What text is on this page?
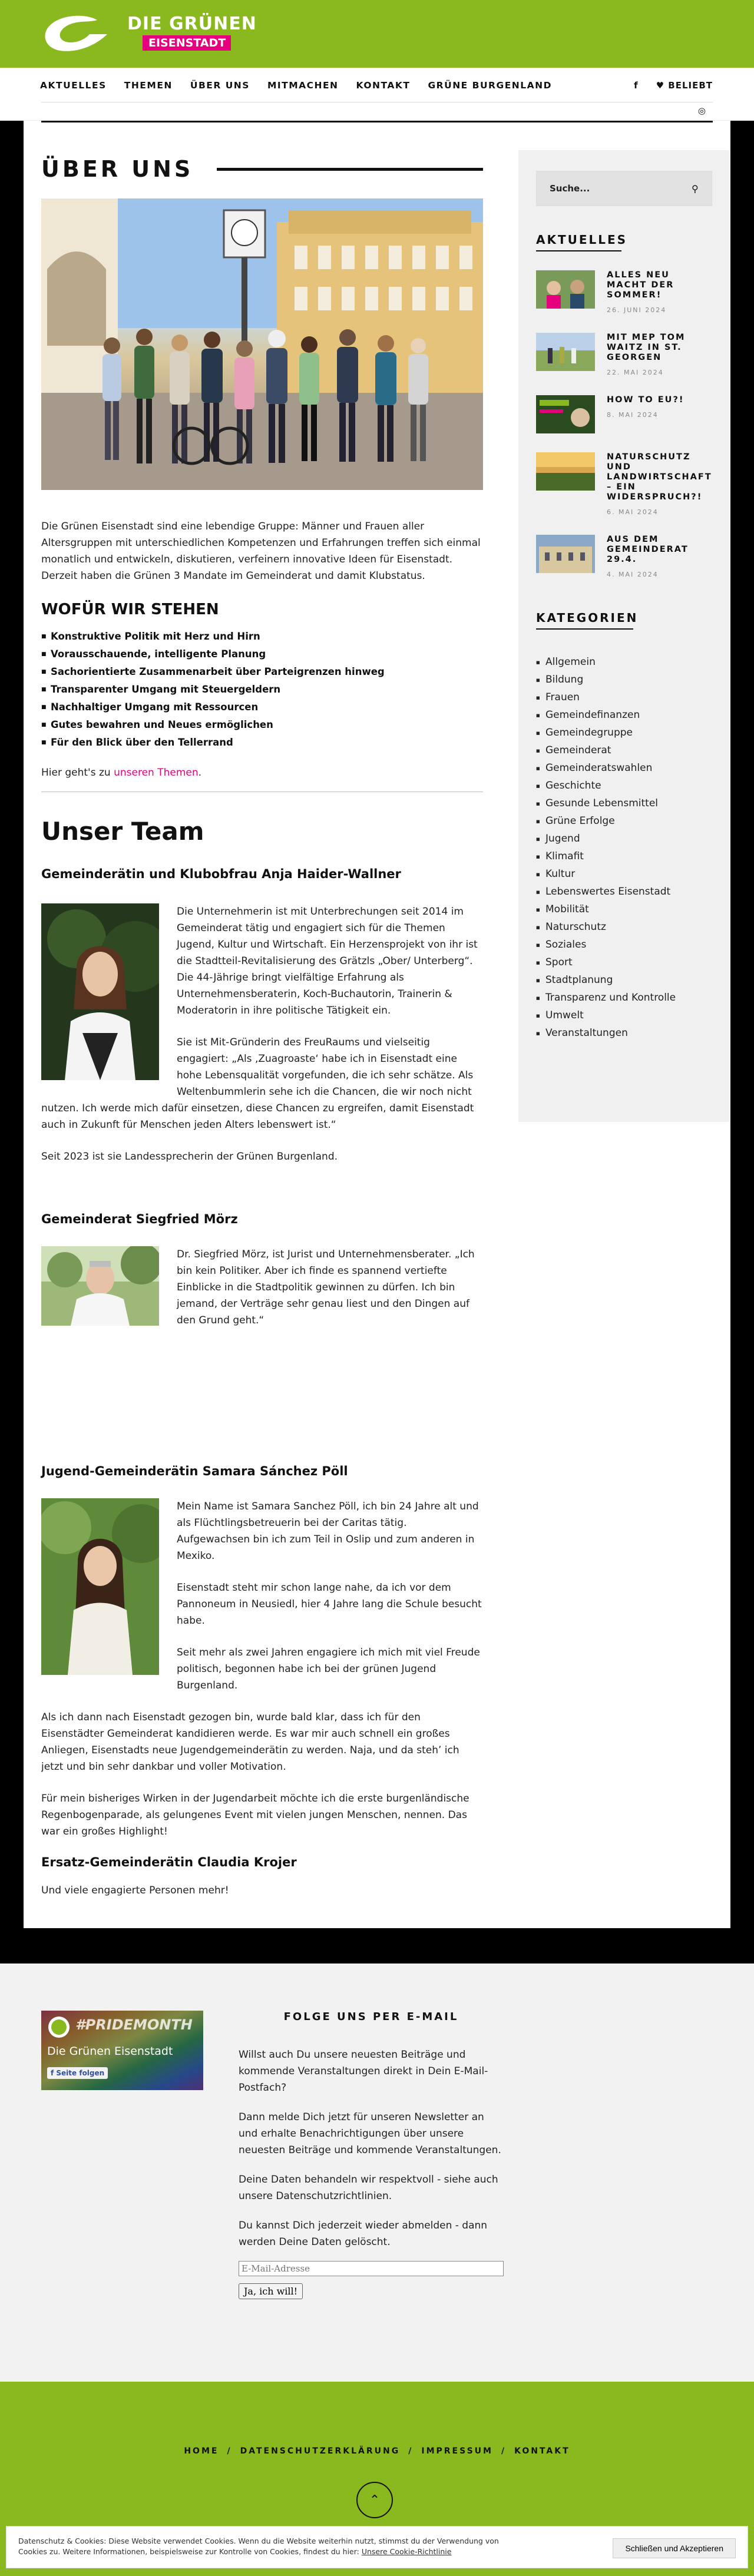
DIE GRÜNEN
EISENSTADT
AKTUELLES THEMEN ÜBER UNS MITMACHEN KONTAKT GRÜNE BURGENLAND	f ♥ BELIEBT
◎
ÜBER UNS

Die Grünen Eisenstadt sind eine lebendige Gruppe: Männer und Frauen aller Altersgruppen mit unterschiedlichen Kompetenzen und Erfahrungen treffen sich einmal monatlich und entwickeln, diskutieren, verfeinern innovative Ideen für Eisenstadt. Derzeit haben die Grünen 3 Mandate im Gemeinderat und damit Klubstatus.

WOFÜR WIR STEHEN
■ Konstruktive Politik mit Herz und Hirn
■ Vorausschauende, intelligente Planung
■ Sachorientierte Zusammenarbeit über Parteigrenzen hinweg
■ Transparenter Umgang mit Steuergeldern
■ Nachhaltiger Umgang mit Ressourcen
■ Gutes bewahren und Neues ermöglichen
■ Für den Blick über den Tellerrand

Hier geht's zu unseren Themen.

Unser Team
Gemeinderätin und Klubobfrau Anja Haider-Wallner

Die Unternehmerin ist mit Unterbrechungen seit 2014 im Gemeinderat tätig und engagiert sich für die Themen Jugend, Kultur und Wirtschaft. Ein Herzensprojekt von ihr ist die Stadtteil-Revitalisierung des Grätzls „Ober/ Unterberg“. Die 44-Jährige bringt vielfältige Erfahrung als Unternehmensberaterin, Koch-Buchautorin, Trainerin & Moderatorin in ihre politische Tätigkeit ein.

Sie ist Mit-Gründerin des FreuRaums und vielseitig engagiert: „Als ‚Zuagroaste‘ habe ich in Eisenstadt eine hohe Lebensqualität vorgefunden, die ich sehr schätze. Als Weltenbummlerin sehe ich die Chancen, die wir noch nicht nutzen. Ich werde mich dafür einsetzen, diese Chancen zu ergreifen, damit Eisenstadt auch in Zukunft für Menschen jeden Alters lebenswert ist.“

Seit 2023 ist sie Landessprecherin der Grünen Burgenland.

Gemeinderat Siegfried Mörz

Dr. Siegfried Mörz, ist Jurist und Unternehmensberater. „Ich bin kein Politiker. Aber ich finde es spannend vertiefte Einblicke in die Stadtpolitik gewinnen zu dürfen. Ich bin jemand, der Verträge sehr genau liest und den Dingen auf den Grund geht.“

Jugend-Gemeinderätin Samara Sánchez Pöll

Mein Name ist Samara Sanchez Pöll, ich bin 24 Jahre alt und als Flüchtlingsbetreuerin bei der Caritas tätig. Aufgewachsen bin ich zum Teil in Oslip und zum anderen in Mexiko.

Eisenstadt steht mir schon lange nahe, da ich vor dem Pannoneum in Neusiedl, hier 4 Jahre lang die Schule besucht habe.

Seit mehr als zwei Jahren engagiere ich mich mit viel Freude politisch, begonnen habe ich bei der grünen Jugend Burgenland.

Als ich dann nach Eisenstadt gezogen bin, wurde bald klar, dass ich für den Eisenstädter Gemeinderat kandidieren werde. Es war mir auch schnell ein großes Anliegen, Eisenstadts neue Jugendgemeinderätin zu werden. Naja, und da steh’ ich jetzt und bin sehr dankbar und voller Motivation.

Für mein bisheriges Wirken in der Jugendarbeit möchte ich die erste burgenländische Regenbogenparade, als gelungenes Event mit vielen jungen Menschen, nennen. Das war ein großes Highlight!

Ersatz-Gemeinderätin Claudia Krojer

Und viele engagierte Personen mehr!

Suche...	⚲
AKTUELLES
ALLES NEU MACHT DER SOMMER!
26. JUNI 2024
MIT MEP TOM WAITZ IN ST. GEORGEN
22. MAI 2024
HOW TO EU?!
8. MAI 2024
NATURSCHUTZ UND LANDWIRTSCHAFT – EIN WIDERSPRUCH?!
6. MAI 2024
AUS DEM GEMEINDERAT 29.4.
4. MAI 2024
KATEGORIEN
■ Allgemein
■ Bildung
■ Frauen
■ Gemeindefinanzen
■ Gemeindegruppe
■ Gemeinderat
■ Gemeinderatswahlen
■ Geschichte
■ Gesunde Lebensmittel
■ Grüne Erfolge
■ Jugend
■ Klimafit
■ Kultur
■ Lebenswertes Eisenstadt
■ Mobilität
■ Naturschutz
■ Soziales
■ Sport
■ Stadtplanung
■ Transparenz und Kontrolle
■ Umwelt
■ Veranstaltungen
#PRIDEMONTH
Die Grünen Eisenstadt
f Seite folgen
FOLGE UNS PER E-MAIL

Willst auch Du unsere neuesten Beiträge und kommende Veranstaltungen direkt in Dein E-Mail-Postfach?

Dann melde Dich jetzt für unseren Newsletter an und erhalte Benachrichtigungen über unsere neuesten Beiträge und kommende Veranstaltungen.

Deine Daten behandeln wir respektvoll - siehe auch unsere Datenschutzrichtlinien.

Du kannst Dich jederzeit wieder abmelden - dann werden Deine Daten gelöscht.

E-Mail-Adresse Ja, ich will!
HOME / DATENSCHUTZERKLÄRUNG / IMPRESSUM / KONTAKT
⌃
Datenschutz & Cookies: Diese Website verwendet Cookies. Wenn du die Website weiterhin nutzt, stimmst du der Verwendung von Cookies zu. Weitere Informationen, beispielsweise zur Kontrolle von Cookies, findest du hier: Unsere Cookie-Richtlinie	Schließen und Akzeptieren
